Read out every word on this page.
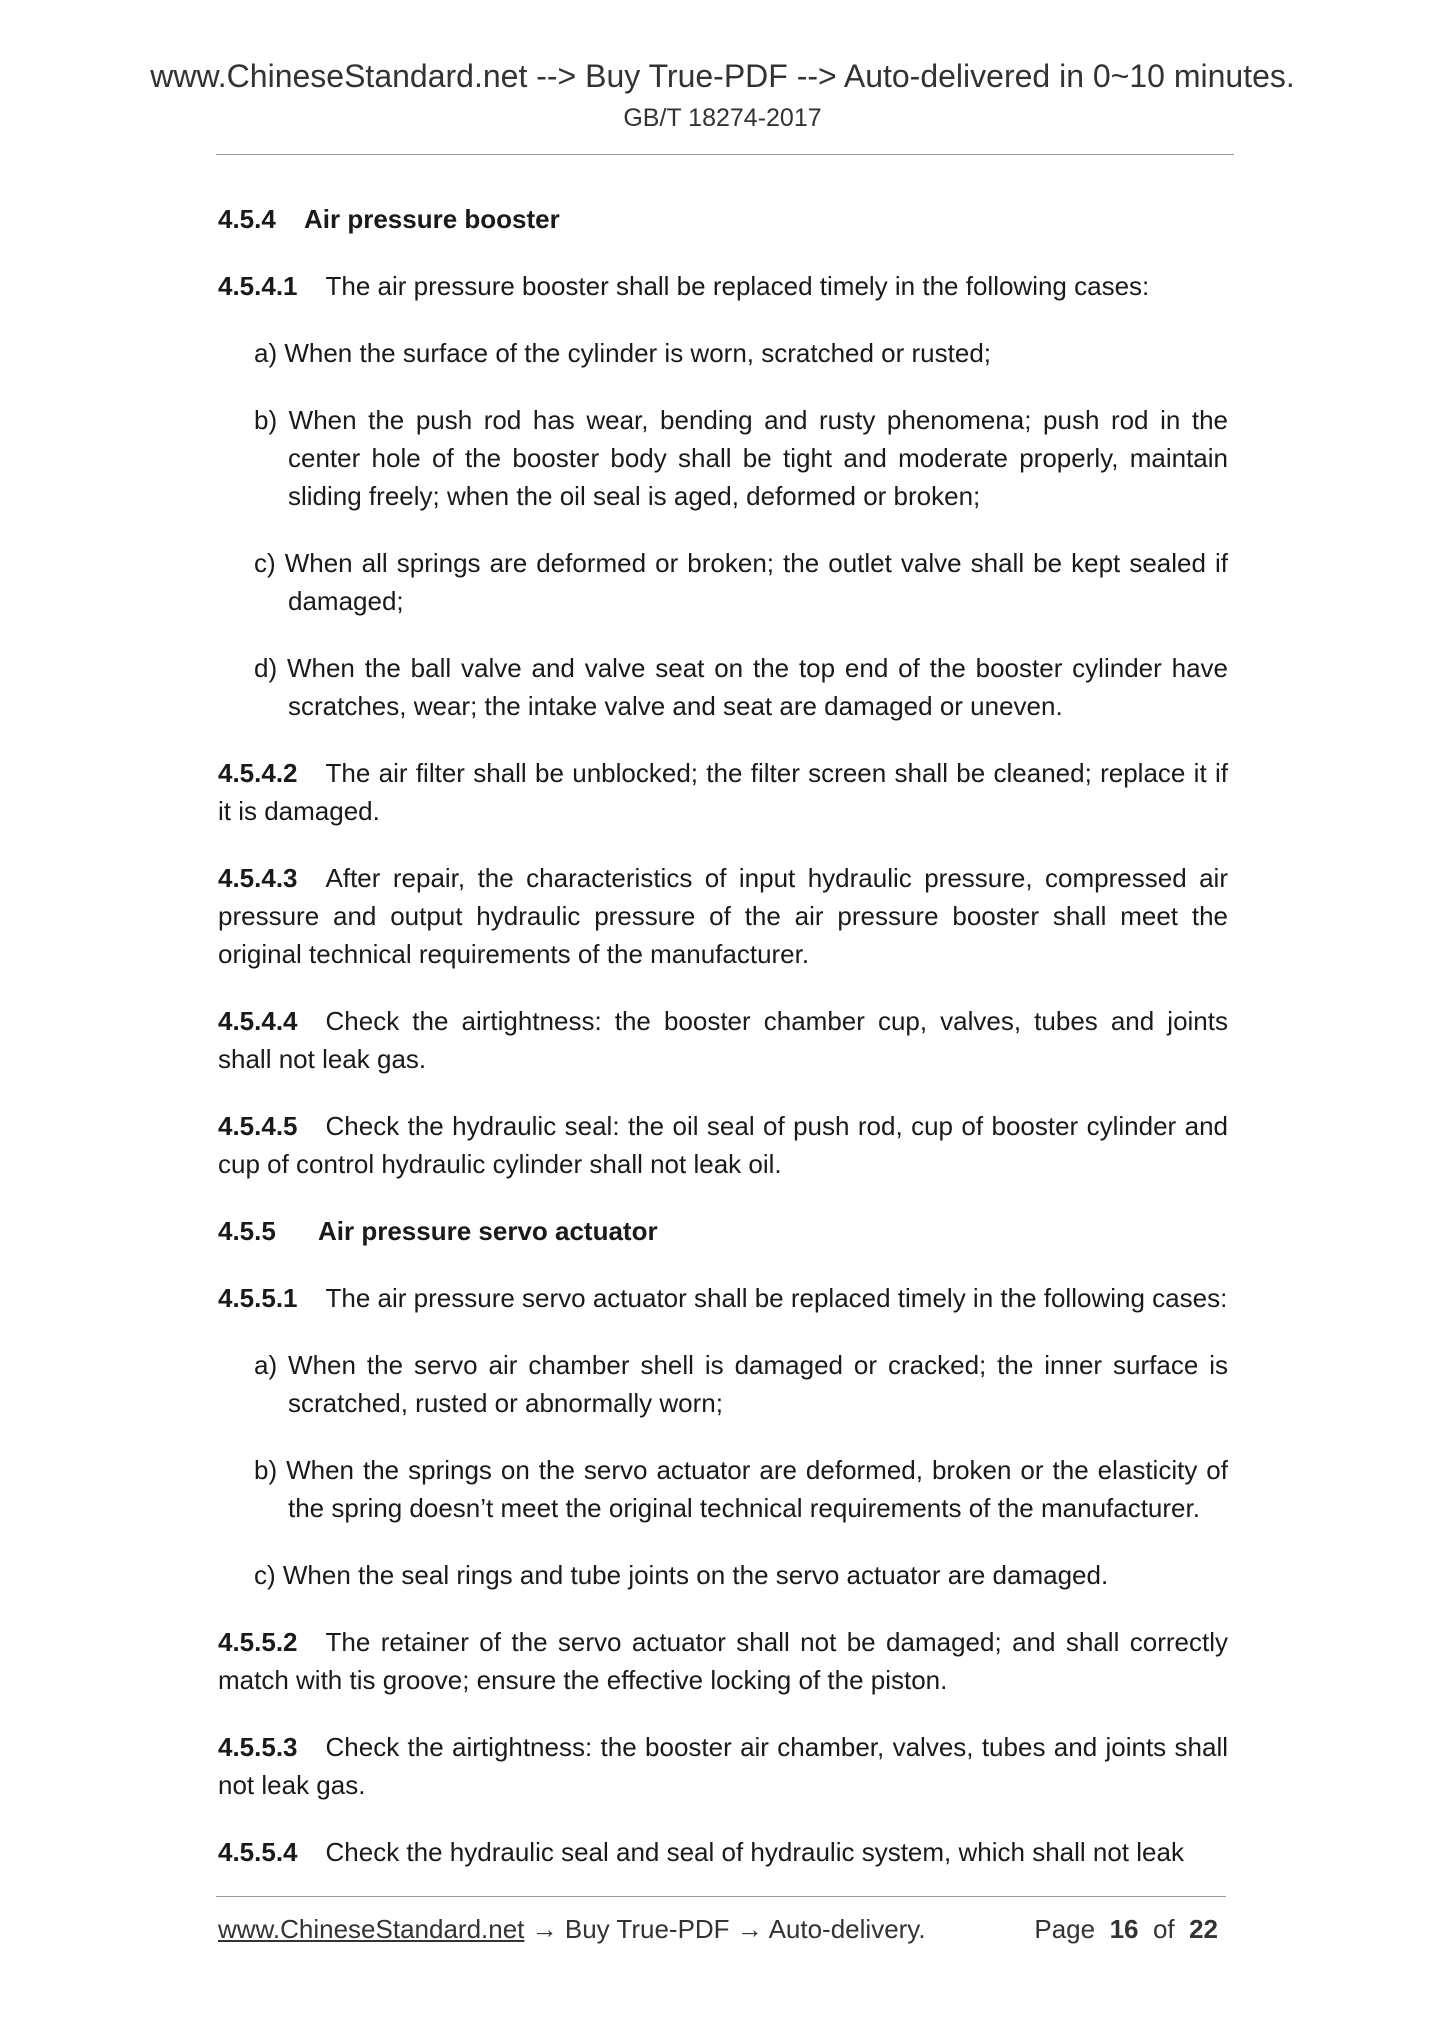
www.ChineseStandard.net --> Buy True-PDF --> Auto-delivered in 0~10 minutes.
GB/T 18274-2017

4.5.4 Air pressure booster

4.5.4.1 The air pressure booster shall be replaced timely in the following cases:

a) When the surface of the cylinder is worn, scratched or rusted;

b) When the push rod has wear, bending and rusty phenomena; push rod in the center hole of the booster body shall be tight and moderate properly, maintain sliding freely; when the oil seal is aged, deformed or broken;

c) When all springs are deformed or broken; the outlet valve shall be kept sealed if damaged;

d) When the ball valve and valve seat on the top end of the booster cylinder have scratches, wear; the intake valve and seat are damaged or uneven.

4.5.4.2 The air filter shall be unblocked; the filter screen shall be cleaned; replace it if it is damaged.

4.5.4.3 After repair, the characteristics of input hydraulic pressure, compressed air pressure and output hydraulic pressure of the air pressure booster shall meet the original technical requirements of the manufacturer.

4.5.4.4 Check the airtightness: the booster chamber cup, valves, tubes and joints shall not leak gas.

4.5.4.5 Check the hydraulic seal: the oil seal of push rod, cup of booster cylinder and cup of control hydraulic cylinder shall not leak oil.

4.5.5 Air pressure servo actuator

4.5.5.1 The air pressure servo actuator shall be replaced timely in the following cases:

a) When the servo air chamber shell is damaged or cracked; the inner surface is scratched, rusted or abnormally worn;

b) When the springs on the servo actuator are deformed, broken or the elasticity of the spring doesn’t meet the original technical requirements of the manufacturer.

c) When the seal rings and tube joints on the servo actuator are damaged.

4.5.5.2 The retainer of the servo actuator shall not be damaged; and shall correctly match with tis groove; ensure the effective locking of the piston.

4.5.5.3 Check the airtightness: the booster air chamber, valves, tubes and joints shall not leak gas.

4.5.5.4 Check the hydraulic seal and seal of hydraulic system, which shall not leak

www.ChineseStandard.net → Buy True-PDF → Auto-delivery.	Page 16 of 22
